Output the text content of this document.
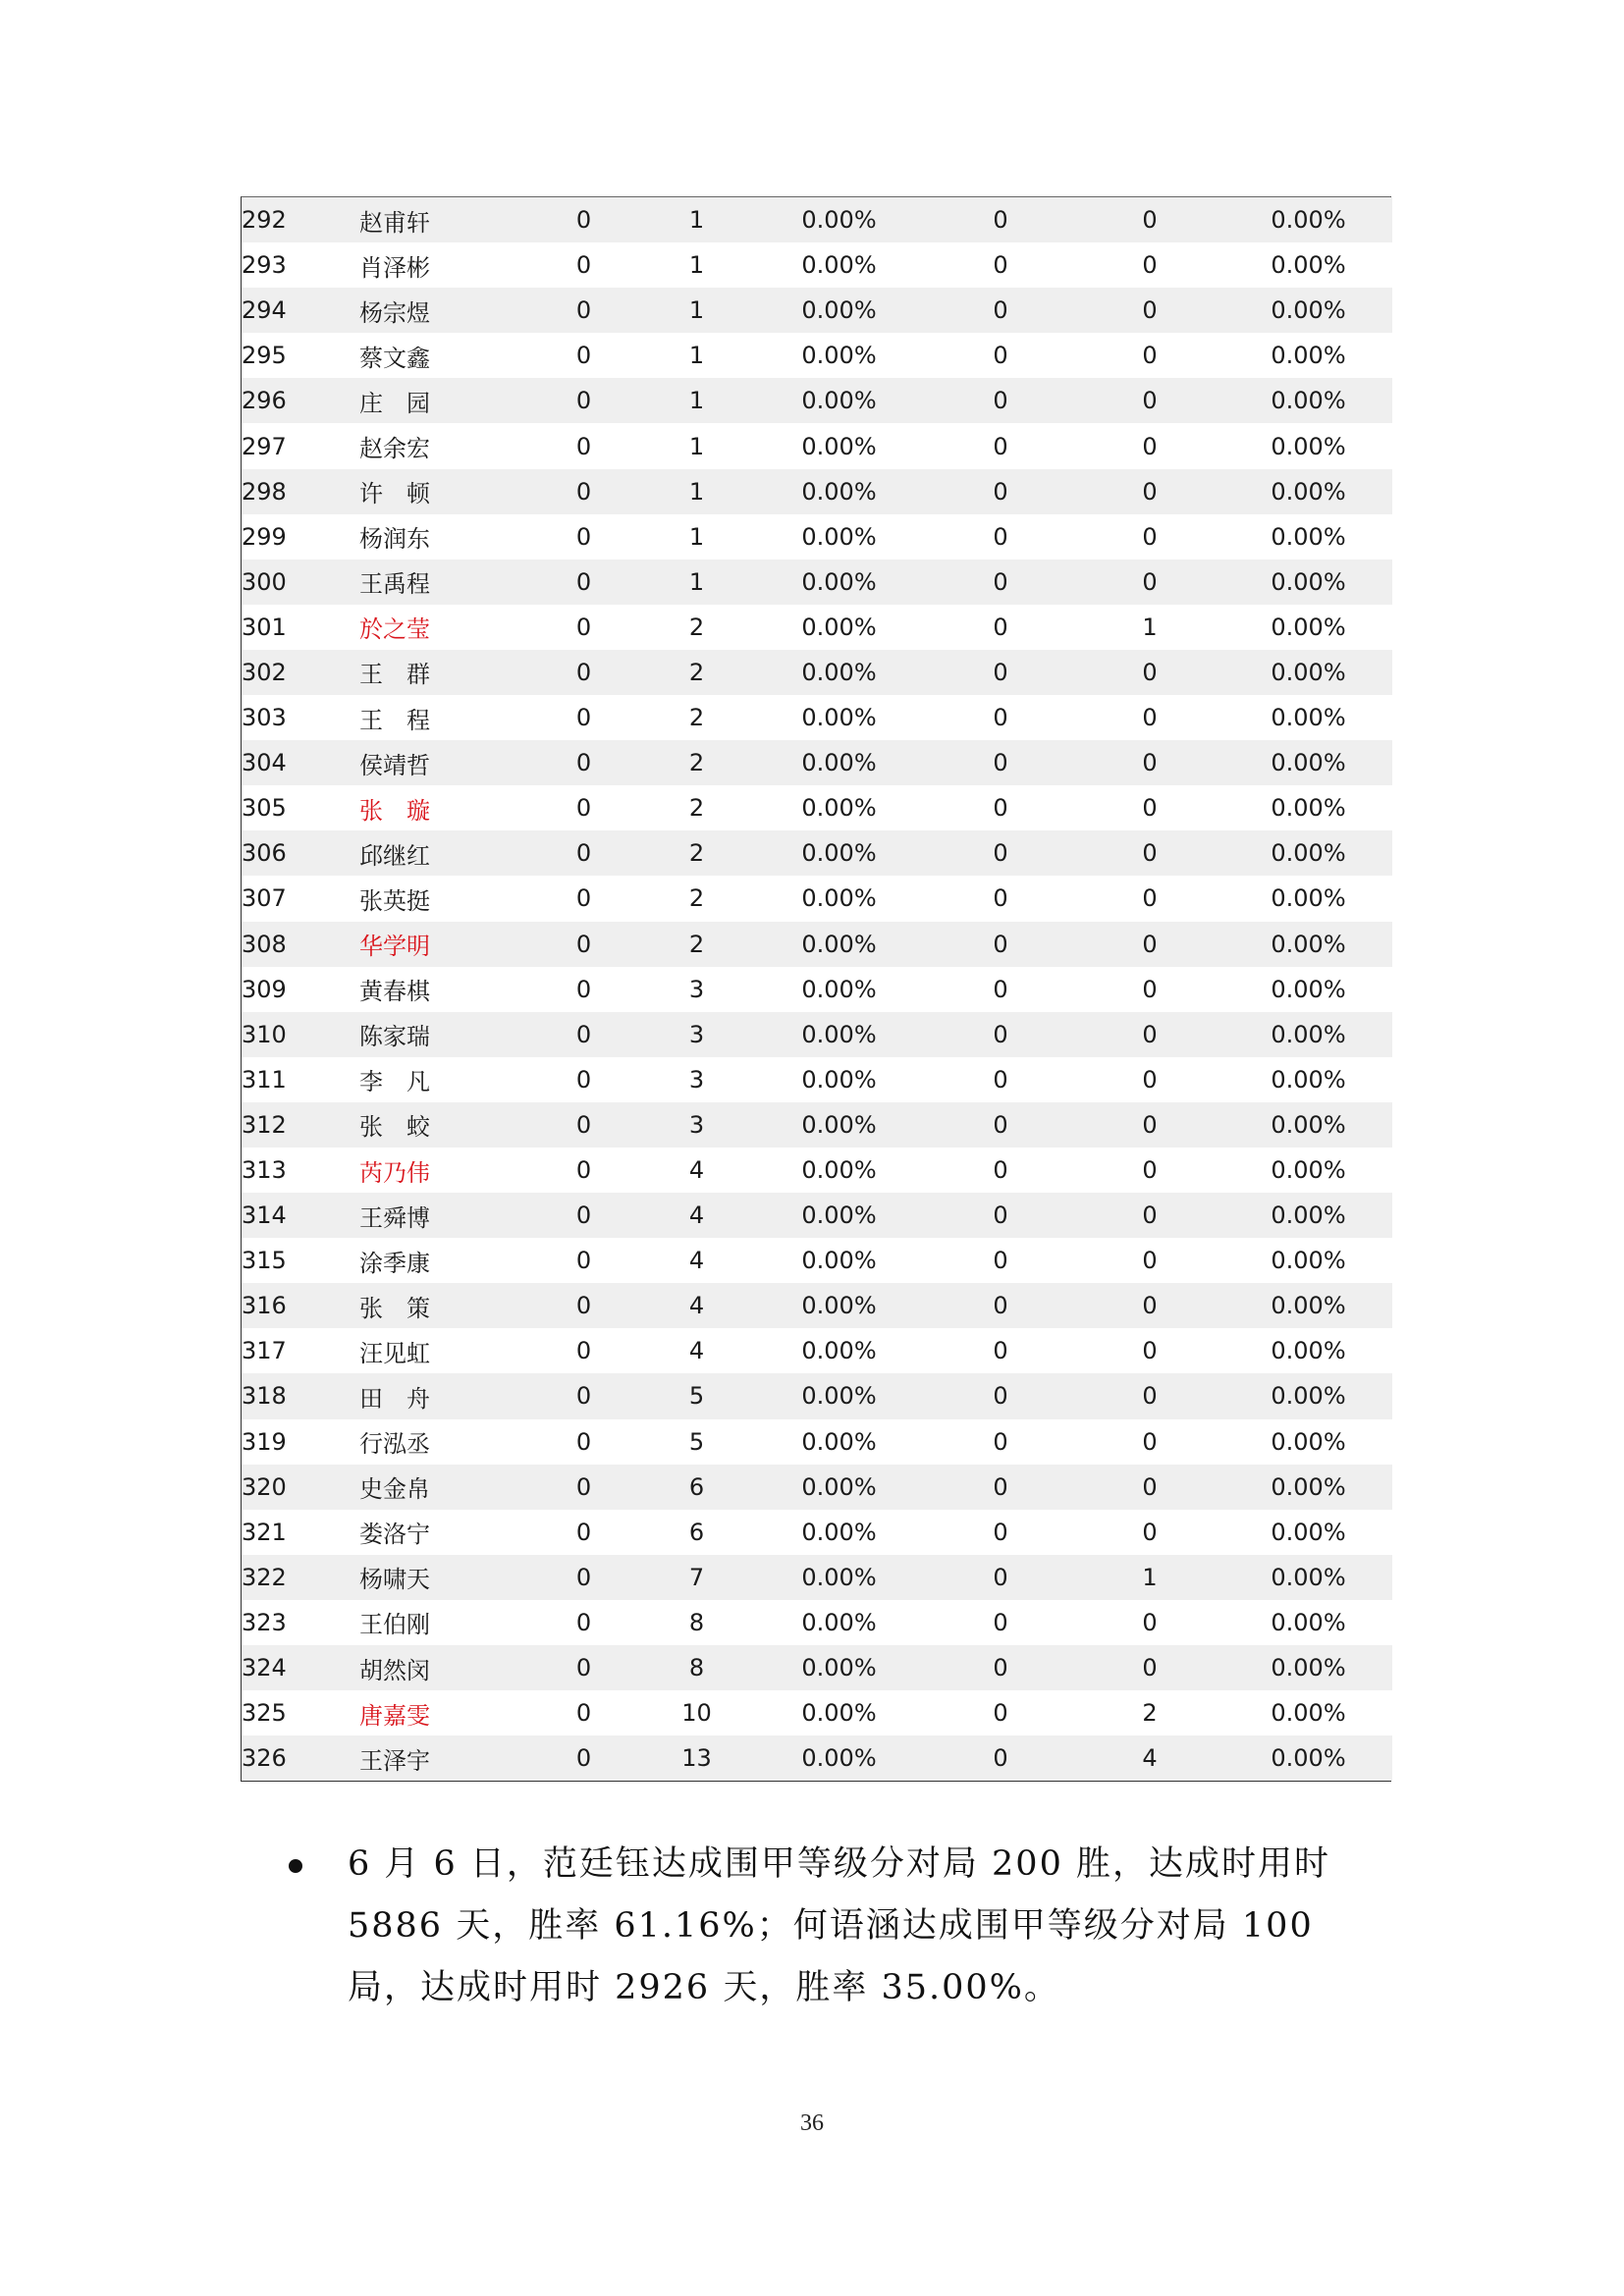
292	赵甫轩	0	1	0.00%	0	0	0.00%
293	肖泽彬	0	1	0.00%	0	0	0.00%
294	杨宗煜	0	1	0.00%	0	0	0.00%
295	蔡文鑫	0	1	0.00%	0	0	0.00%
296	庄　园	0	1	0.00%	0	0	0.00%
297	赵余宏	0	1	0.00%	0	0	0.00%
298	许　顿	0	1	0.00%	0	0	0.00%
299	杨润东	0	1	0.00%	0	0	0.00%
300	王禹程	0	1	0.00%	0	0	0.00%
301	於之莹	0	2	0.00%	0	1	0.00%
302	王　群	0	2	0.00%	0	0	0.00%
303	王　程	0	2	0.00%	0	0	0.00%
304	侯靖哲	0	2	0.00%	0	0	0.00%
305	张　璇	0	2	0.00%	0	0	0.00%
306	邱继红	0	2	0.00%	0	0	0.00%
307	张英挺	0	2	0.00%	0	0	0.00%
308	华学明	0	2	0.00%	0	0	0.00%
309	黄春棋	0	3	0.00%	0	0	0.00%
310	陈家瑞	0	3	0.00%	0	0	0.00%
311	李　凡	0	3	0.00%	0	0	0.00%
312	张　蛟	0	3	0.00%	0	0	0.00%
313	芮乃伟	0	4	0.00%	0	0	0.00%
314	王舜博	0	4	0.00%	0	0	0.00%
315	涂季康	0	4	0.00%	0	0	0.00%
316	张　策	0	4	0.00%	0	0	0.00%
317	汪见虹	0	4	0.00%	0	0	0.00%
318	田　舟	0	5	0.00%	0	0	0.00%
319	行泓丞	0	5	0.00%	0	0	0.00%
320	史金帛	0	6	0.00%	0	0	0.00%
321	娄洛宁	0	6	0.00%	0	0	0.00%
322	杨啸天	0	7	0.00%	0	1	0.00%
323	王伯刚	0	8	0.00%	0	0	0.00%
324	胡然闵	0	8	0.00%	0	0	0.00%
325	唐嘉雯	0	10	0.00%	0	2	0.00%
326	王泽宇	0	13	0.00%	0	4	0.00%
6 月 6 日，范廷钰达成围甲等级分对局 200 胜，达成时用时 5886 天，胜率 61.16%；何语涵达成围甲等级分对局 100 局，达成时用时 2926 天，胜率 35.00%。
36
